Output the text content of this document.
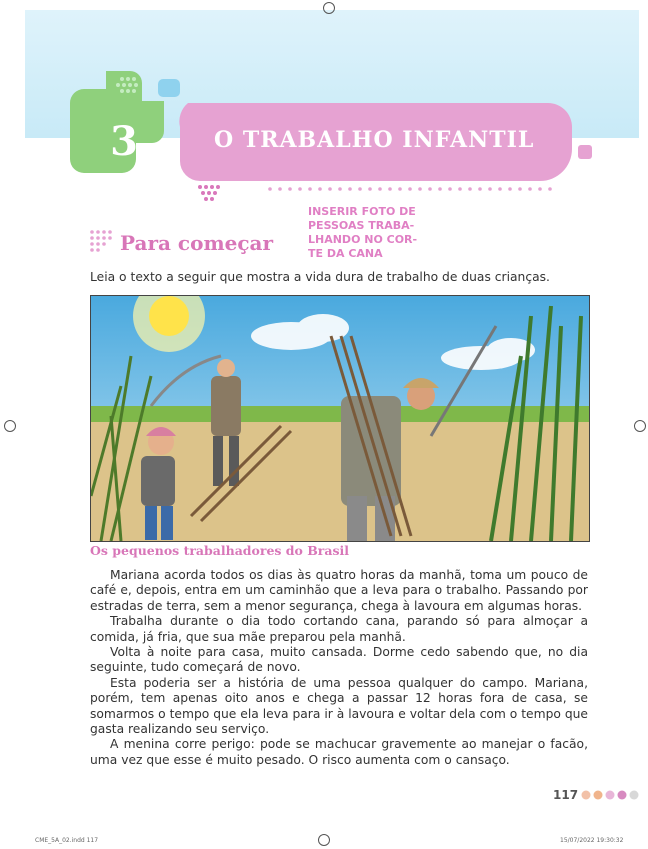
3	O TRABALHO INFANTIL
INSERIR FOTO DE PESSOAS TRABA-LHANDO NO COR-TE DA CANA
Para começar
Leia o texto a seguir que mostra a vida dura de trabalho de duas crianças.
Os pequenos trabalhadores do Brasil

Mariana acorda todos os dias às quatro horas da manhã, toma um pouco de café e, depois, entra em um caminhão que a leva para o trabalho. Passando por estradas de terra, sem a menor segurança, chega à lavoura em algumas horas.

Trabalha durante o dia todo cortando cana, parando só para almoçar a comida, já fria, que sua mãe preparou pela manhã.

Volta à noite para casa, muito cansada. Dorme cedo sabendo que, no dia seguinte, tudo começará de novo.

Esta poderia ser a história de uma pessoa qualquer do campo. Mariana, porém, tem apenas oito anos e chega a passar 12 horas fora de casa, se somarmos o tempo que ela leva para ir à lavoura e voltar dela com o tempo que gasta realizando seu serviço.

A menina corre perigo: pode se machucar gravemente ao manejar o facão, uma vez que esse é muito pesado. O risco aumenta com o cansaço.

117
CME_5A_02.indd 117	15/07/2022 19:30:32
